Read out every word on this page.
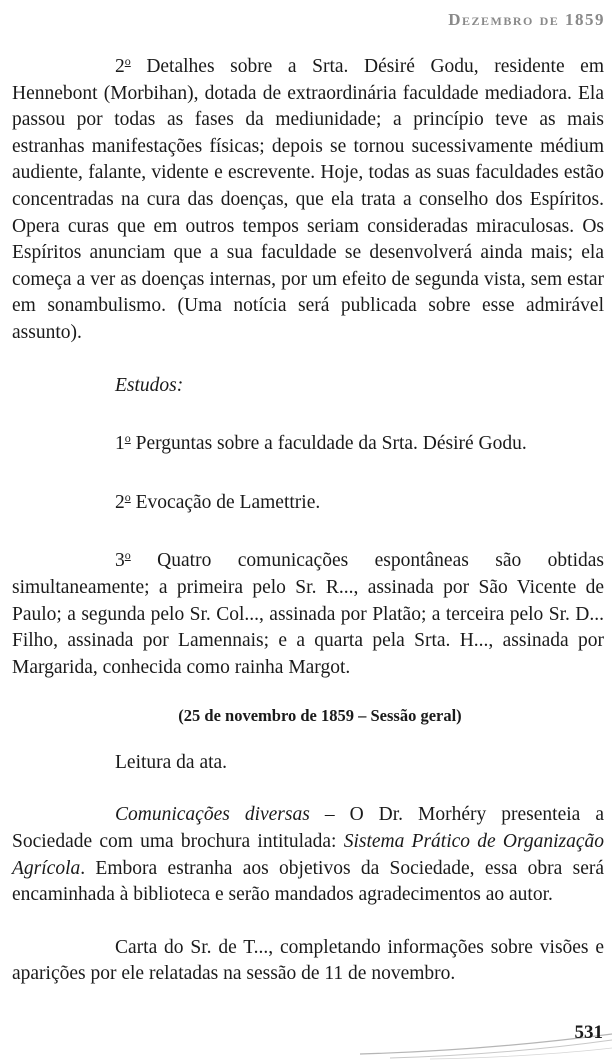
Dezembro de 1859

2$^o$ Detalhes sobre a Srta. Désiré Godu, residente em Hennebont (Morbihan), dotada de extraordinária faculdade mediadora. Ela passou por todas as fases da mediunidade; a princípio teve as mais estranhas manifestações físicas; depois se tornou sucessivamente médium audiente, falante, vidente e escrevente. Hoje, todas as suas faculdades estão concentradas na cura das doenças, que ela trata a conselho dos Espíritos. Opera curas que em outros tempos seriam consideradas miraculosas. Os Espíritos anunciam que a sua faculdade se desenvolverá ainda mais; ela começa a ver as doenças internas, por um efeito de segunda vista, sem estar em sonambulismo. (Uma notícia será publicada sobre esse admirável assunto).

Estudos:

1$^o$ Perguntas sobre a faculdade da Srta. Désiré Godu.

2$^o$ Evocação de Lamettrie.

3$^o$ Quatro comunicações espontâneas são obtidas simultaneamente; a primeira pelo Sr. R..., assinada por São Vicente de Paulo; a segunda pelo Sr. Col..., assinada por Platão; a terceira pelo Sr. D... Filho, assinada por Lamennais; e a quarta pela Srta. H..., assinada por Margarida, conhecida como rainha Margot.

(25 de novembro de 1859 – Sessão geral)

Leitura da ata.

Comunicações diversas – O Dr. Morhéry presenteia a Sociedade com uma brochura intitulada: Sistema Prático de Organização Agrícola. Embora estranha aos objetivos da Sociedade, essa obra será encaminhada à biblioteca e serão mandados agradecimentos ao autor.

Carta do Sr. de T..., completando informações sobre visões e aparições por ele relatadas na sessão de 11 de novembro.

531
